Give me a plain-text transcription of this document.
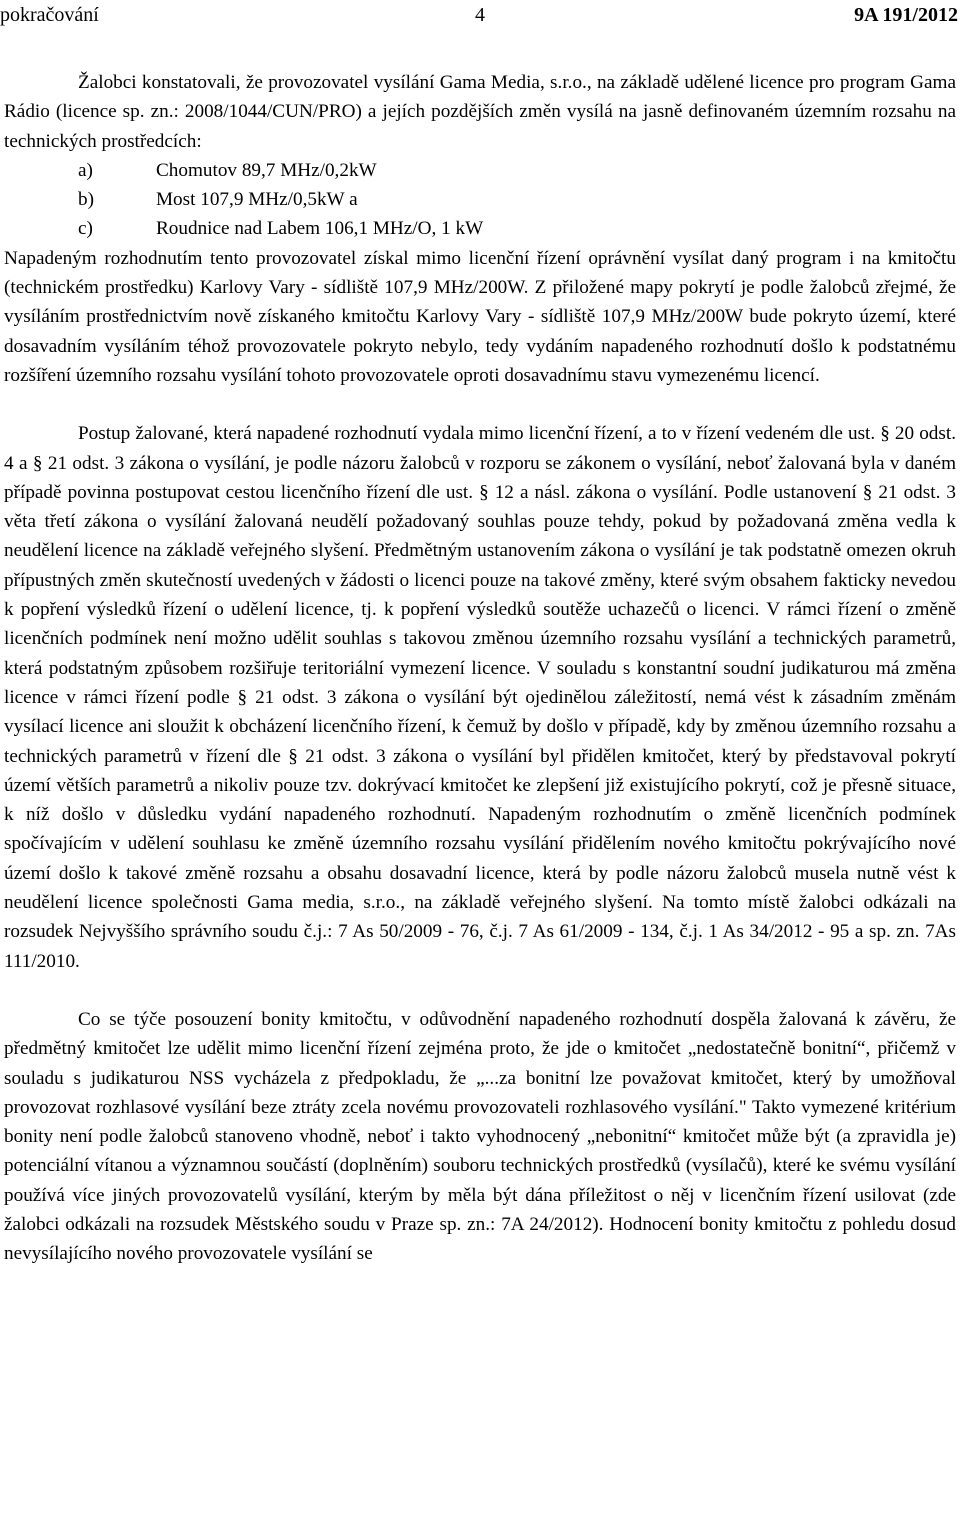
pokračování	4	9A 191/2012

Žalobci konstatovali, že provozovatel vysílání Gama Media, s.r.o., na základě udělené licence pro program Gama Rádio (licence sp. zn.: 2008/1044/CUN/PRO) a jejích pozdějších změn vysílá na jasně definovaném územním rozsahu na technických prostředcích:

a)	Chomutov 89,7 MHz/0,2kW
b)	Most 107,9 MHz/0,5kW a
c)	Roudnice nad Labem 106,1 MHz/O, 1 kW

Napadeným rozhodnutím tento provozovatel získal mimo licenční řízení oprávnění vysílat daný program i na kmitočtu (technickém prostředku) Karlovy Vary - sídliště 107,9 MHz/200W. Z přiložené mapy pokrytí je podle žalobců zřejmé, že vysíláním prostřednictvím nově získaného kmitočtu Karlovy Vary - sídliště 107,9 MHz/200W bude pokryto území, které dosavadním vysíláním téhož provozovatele pokryto nebylo, tedy vydáním napadeného rozhodnutí došlo k podstatnému rozšíření územního rozsahu vysílání tohoto provozovatele oproti dosavadnímu stavu vymezenému licencí.

Postup žalované, která napadené rozhodnutí vydala mimo licenční řízení, a to v řízení vedeném dle ust. § 20 odst. 4 a § 21 odst. 3 zákona o vysílání, je podle názoru žalobců v rozporu se zákonem o vysílání, neboť žalovaná byla v daném případě povinna postupovat cestou licenčního řízení dle ust. § 12 a násl. zákona o vysílání. Podle ustanovení § 21 odst. 3 věta třetí zákona o vysílání žalovaná neudělí požadovaný souhlas pouze tehdy, pokud by požadovaná změna vedla k neudělení licence na základě veřejného slyšení. Předmětným ustanovením zákona o vysílání je tak podstatně omezen okruh přípustných změn skutečností uvedených v žádosti o licenci pouze na takové změny, které svým obsahem fakticky nevedou k popření výsledků řízení o udělení licence, tj. k popření výsledků soutěže uchazečů o licenci. V rámci řízení o změně licenčních podmínek není možno udělit souhlas s takovou změnou územního rozsahu vysílání a technických parametrů, která podstatným způsobem rozšiřuje teritoriální vymezení licence. V souladu s konstantní soudní judikaturou má změna licence v rámci řízení podle § 21 odst. 3 zákona o vysílání být ojedinělou záležitostí, nemá vést k zásadním změnám vysílací licence ani sloužit k obcházení licenčního řízení, k čemuž by došlo v případě, kdy by změnou územního rozsahu a technických parametrů v řízení dle § 21 odst. 3 zákona o vysílání byl přidělen kmitočet, který by představoval pokrytí území větších parametrů a nikoliv pouze tzv. dokrývací kmitočet ke zlepšení již existujícího pokrytí, což je přesně situace, k níž došlo v důsledku vydání napadeného rozhodnutí. Napadeným rozhodnutím o změně licenčních podmínek spočívajícím v udělení souhlasu ke změně územního rozsahu vysílání přidělením nového kmitočtu pokrývajícího nové území došlo k takové změně rozsahu a obsahu dosavadní licence, která by podle názoru žalobců musela nutně vést k neudělení licence společnosti Gama media, s.r.o., na základě veřejného slyšení. Na tomto místě žalobci odkázali na rozsudek Nejvyššího správního soudu č.j.: 7 As 50/2009 - 76, č.j. 7 As 61/2009 - 134, č.j. 1 As 34/2012 - 95 a sp. zn. 7As 111/2010.

Co se týče posouzení bonity kmitočtu, v odůvodnění napadeného rozhodnutí dospěla žalovaná k závěru, že předmětný kmitočet lze udělit mimo licenční řízení zejména proto, že jde o kmitočet „nedostatečně bonitní“, přičemž v souladu s judikaturou NSS vycházela z předpokladu, že „...za bonitní lze považovat kmitočet, který by umožňoval provozovat rozhlasové vysílání beze ztráty zcela novému provozovateli rozhlasového vysílání." Takto vymezené kritérium bonity není podle žalobců stanoveno vhodně, neboť i takto vyhodnocený „nebonitní“ kmitočet může být (a zpravidla je) potenciální vítanou a významnou součástí (doplněním) souboru technických prostředků (vysílačů), které ke svému vysílání používá více jiných provozovatelů vysílání, kterým by měla být dána příležitost o něj v licenčním řízení usilovat (zde žalobci odkázali na rozsudek Městského soudu v Praze sp. zn.: 7A 24/2012). Hodnocení bonity kmitočtu z pohledu dosud nevysílajícího nového provozovatele vysílání se
